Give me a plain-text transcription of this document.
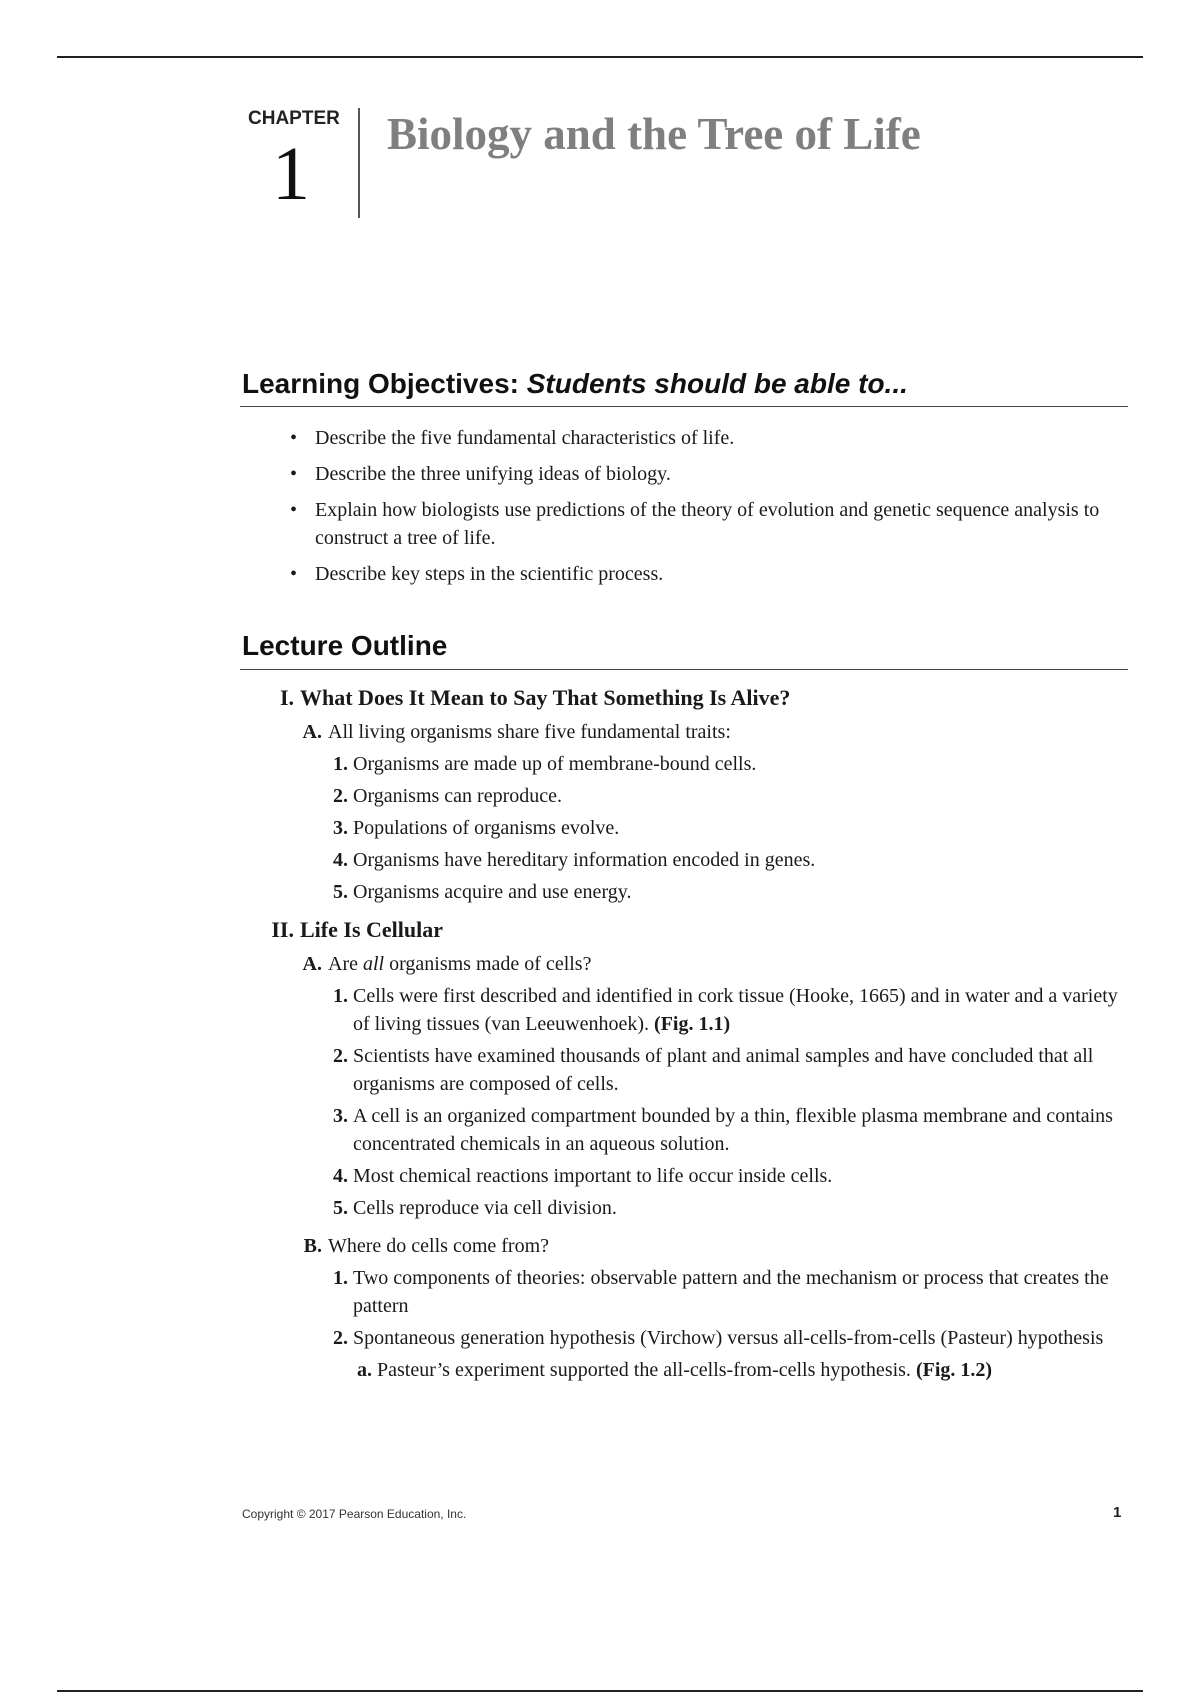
CHAPTER
1 Biology and the Tree of Life
Learning Objectives: Students should be able to...
• Describe the five fundamental characteristics of life.
• Describe the three unifying ideas of biology.
• Explain how biologists use predictions of the theory of evolution and genetic sequence analysis to construct a tree of life.
• Describe key steps in the scientific process.
Lecture Outline
I. What Does It Mean to Say That Something Is Alive?
A. All living organisms share five fundamental traits:
1. Organisms are made up of membrane-bound cells.
2. Organisms can reproduce.
3. Populations of organisms evolve.
4. Organisms have hereditary information encoded in genes.
5. Organisms acquire and use energy.
II. Life Is Cellular
A. Are all organisms made of cells?
1. Cells were first described and identified in cork tissue (Hooke, 1665) and in water and a variety of living tissues (van Leeuwenhoek). (Fig. 1.1)
2. Scientists have examined thousands of plant and animal samples and have concluded that all organisms are composed of cells.
3. A cell is an organized compartment bounded by a thin, flexible plasma membrane and contains concentrated chemicals in an aqueous solution.
4. Most chemical reactions important to life occur inside cells.
5. Cells reproduce via cell division.
B. Where do cells come from?
1. Two components of theories: observable pattern and the mechanism or process that creates the pattern
2. Spontaneous generation hypothesis (Virchow) versus all-cells-from-cells (Pasteur) hypothesis
a. Pasteur’s experiment supported the all-cells-from-cells hypothesis. (Fig. 1.2)
Copyright © 2017 Pearson Education, Inc.	1
